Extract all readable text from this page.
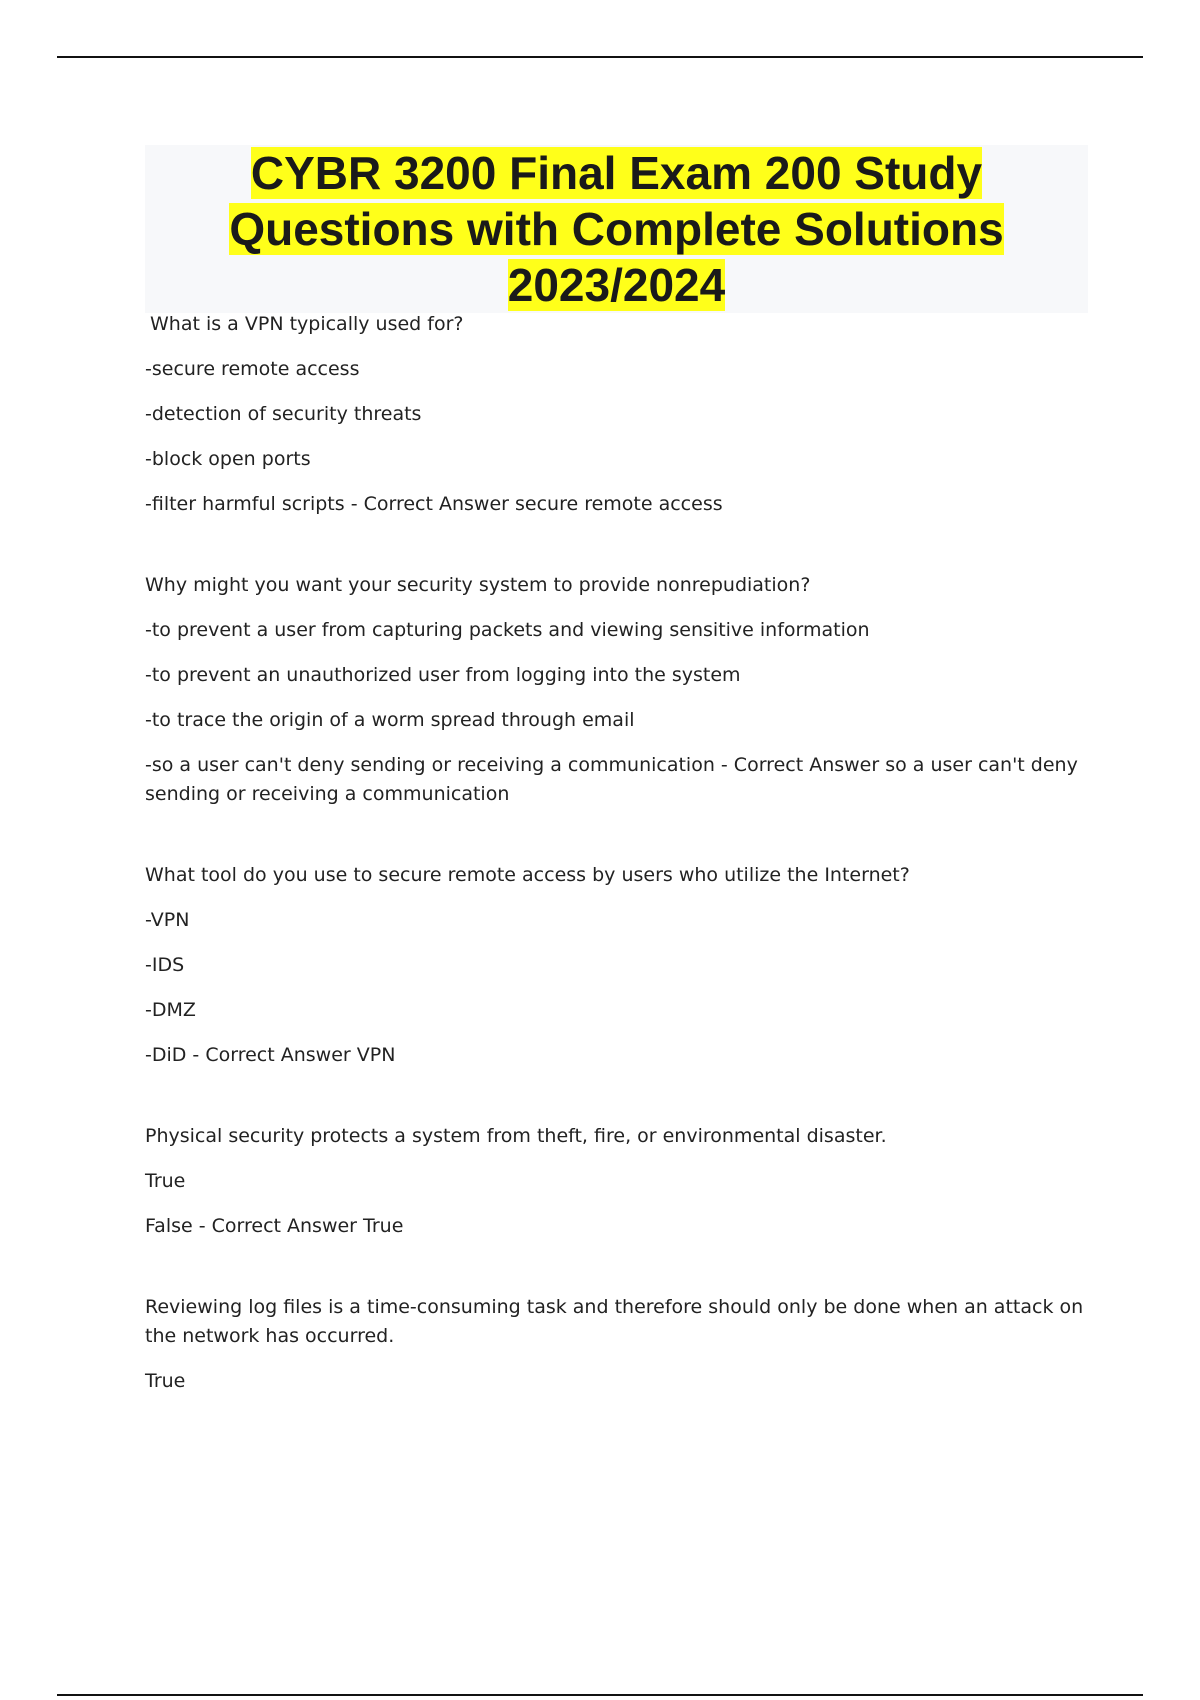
CYBR 3200 Final Exam 200 Study Questions with Complete Solutions 2023/2024

What is a VPN typically used for?

-secure remote access

-detection of security threats

-block open ports

-filter harmful scripts - Correct Answer secure remote access

Why might you want your security system to provide nonrepudiation?

-to prevent a user from capturing packets and viewing sensitive information

-to prevent an unauthorized user from logging into the system

-to trace the origin of a worm spread through email

-so a user can't deny sending or receiving a communication - Correct Answer so a user can't deny sending or receiving a communication

What tool do you use to secure remote access by users who utilize the Internet?

-VPN

-IDS

-DMZ

-DiD - Correct Answer VPN

Physical security protects a system from theft, fire, or environmental disaster.

True

False - Correct Answer True

Reviewing log files is a time-consuming task and therefore should only be done when an attack on the network has occurred.

True
